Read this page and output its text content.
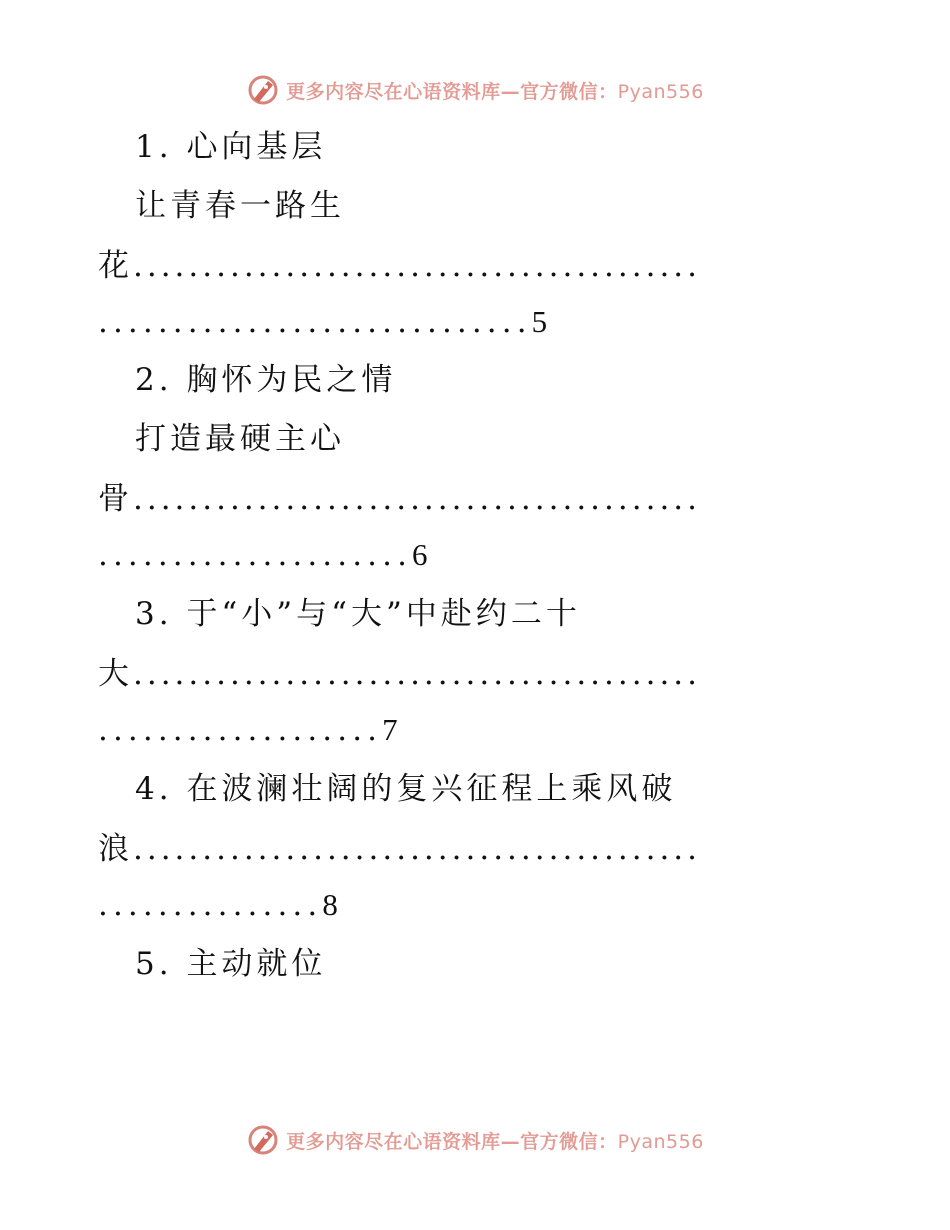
更多内容尽在心语资料库—官方微信：Pyan556
1. 心向基层
让青春一路生
花.........................................
.............................5
2. 胸怀为民之情
打造最硬主心
骨.........................................
.....................6
3. 于“小”与“大”中赴约二十
大.........................................
...................7
4. 在波澜壮阔的复兴征程上乘风破
浪.........................................
...............8
5. 主动就位
更多内容尽在心语资料库—官方微信：Pyan556
